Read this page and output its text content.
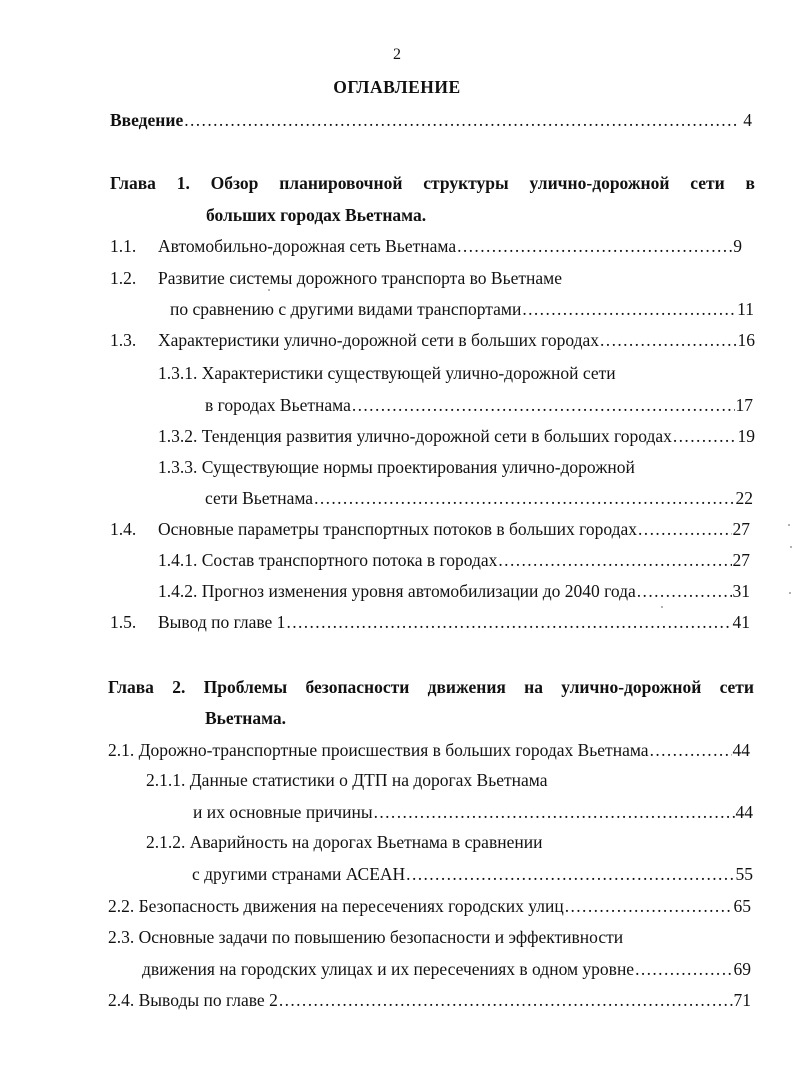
2
ОГЛАВЛЕНИЕ
Введение .....	4
Глава 1. Обзор планировочной структуры улично-дорожной сети в
больших городах Вьетнама.
1.1. Автомобильно-дорожная сеть Вьетнама .....	9
1.2. Развитие системы дорожного транспорта во Вьетнаме
по сравнению с другими видами транспортами .....	11
1.3. Характеристики улично-дорожной сети в больших городах .....	16
1.3.1. Характеристики существующей улично-дорожной сети
в городах Вьетнама .....	17
1.3.2. Тенденция развития улично-дорожной сети в больших городах .....	19
1.3.3. Существующие нормы проектирования улично-дорожной
сети Вьетнама .....	22
1.4. Основные параметры транспортных потоков в больших городах .....	27
1.4.1. Состав транспортного потока в городах .....	27
1.4.2. Прогноз изменения уровня автомобилизации до 2040 года .....	31
1.5. Вывод по главе 1 .....	41
Глава 2. Проблемы безопасности движения на улично-дорожной сети
Вьетнама.
2.1. Дорожно-транспортные происшествия в больших городах Вьетнама .....	44
2.1.1. Данные статистики о ДТП на дорогах Вьетнама
и их основные причины .....	44
2.1.2. Аварийность на дорогах Вьетнама в сравнении
с другими странами АСЕАН .....	55
2.2. Безопасность движения на пересечениях городских улиц .....	65
2.3. Основные задачи по повышению безопасности и эффективности
движения на городских улицах и их пересечениях в одном уровне .....	69
2.4. Выводы по главе 2 .....	71
